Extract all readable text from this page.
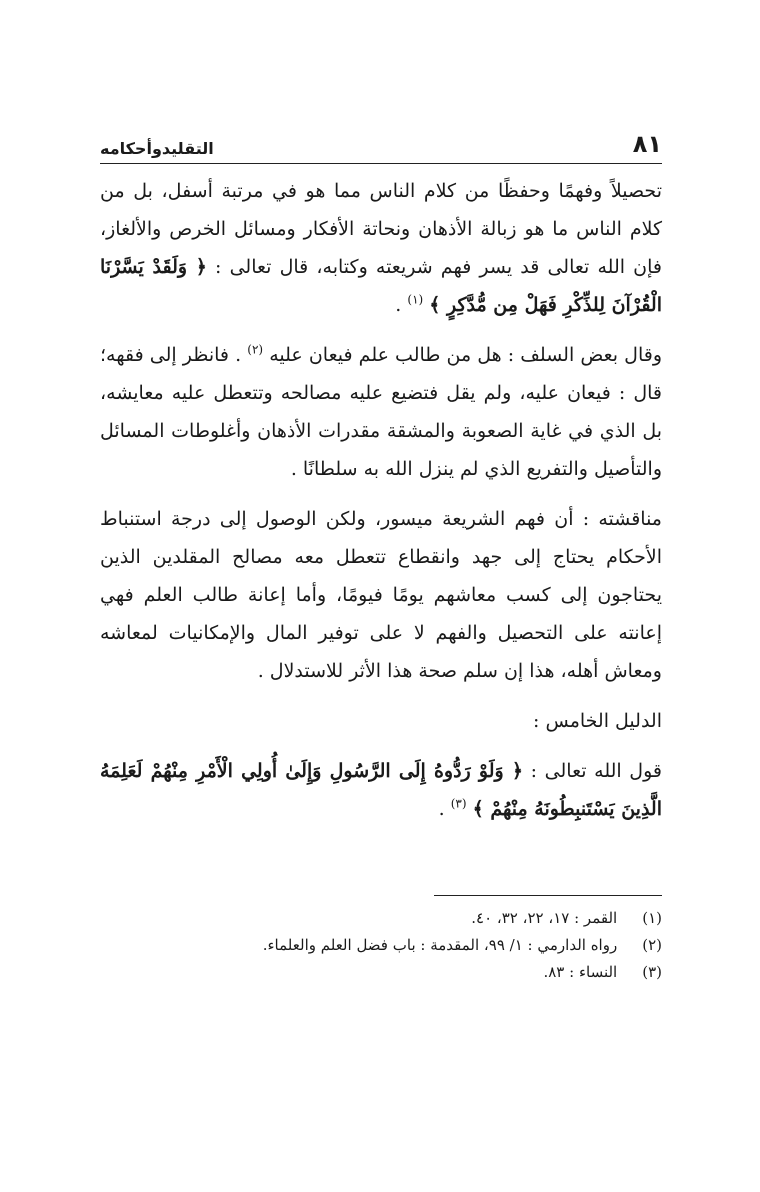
٨١
التقليدوأحكامه

تحصيلاً وفهمًا وحفظًا من كلام الناس مما هو في مرتبة أسفل، بل من كلام الناس ما هو زبالة الأذهان ونحاتة الأفكار ومسائل الخرص والألغاز، فإن الله تعالى قد يسر فهم شريعته وكتابه، قال تعالى : ﴿ وَلَقَدْ يَسَّرْنَا الْقُرْآنَ لِلذِّكْرِ فَهَلْ مِن مُّدَّكِرٍ ﴾ $^{(١)}$ .

وقال بعض السلف : هل من طالب علم فيعان عليه $^{(٢)}$ . فانظر إلى فقهه؛ قال : فيعان عليه، ولم يقل فتضيع عليه مصالحه وتتعطل عليه معايشه، بل الذي في غاية الصعوبة والمشقة مقدرات الأذهان وأغلوطات المسائل والتأصيل والتفريع الذي لم ينزل الله به سلطانًا .

مناقشته : أن فهم الشريعة ميسور، ولكن الوصول إلى درجة استنباط الأحكام يحتاج إلى جهد وانقطاع تتعطل معه مصالح المقلدين الذين يحتاجون إلى كسب معاشهم يومًا فيومًا، وأما إعانة طالب العلم فهي إعانته على التحصيل والفهم لا على توفير المال والإمكانيات لمعاشه ومعاش أهله، هذا إن سلم صحة هذا الأثر للاستدلال .

الدليل الخامس :

قول الله تعالى : ﴿ وَلَوْ رَدُّوهُ إِلَى الرَّسُولِ وَإِلَىٰ أُولِي الْأَمْرِ مِنْهُمْ لَعَلِمَهُ الَّذِينَ يَسْتَنبِطُونَهُ مِنْهُمْ ﴾ $^{(٣)}$ .

(١) القمر : ١٧، ٢٢، ٣٢، ٤٠.

(٢) رواه الدارمي : ١/ ٩٩، المقدمة : باب فضل العلم والعلماء.

(٣) النساء : ٨٣.
